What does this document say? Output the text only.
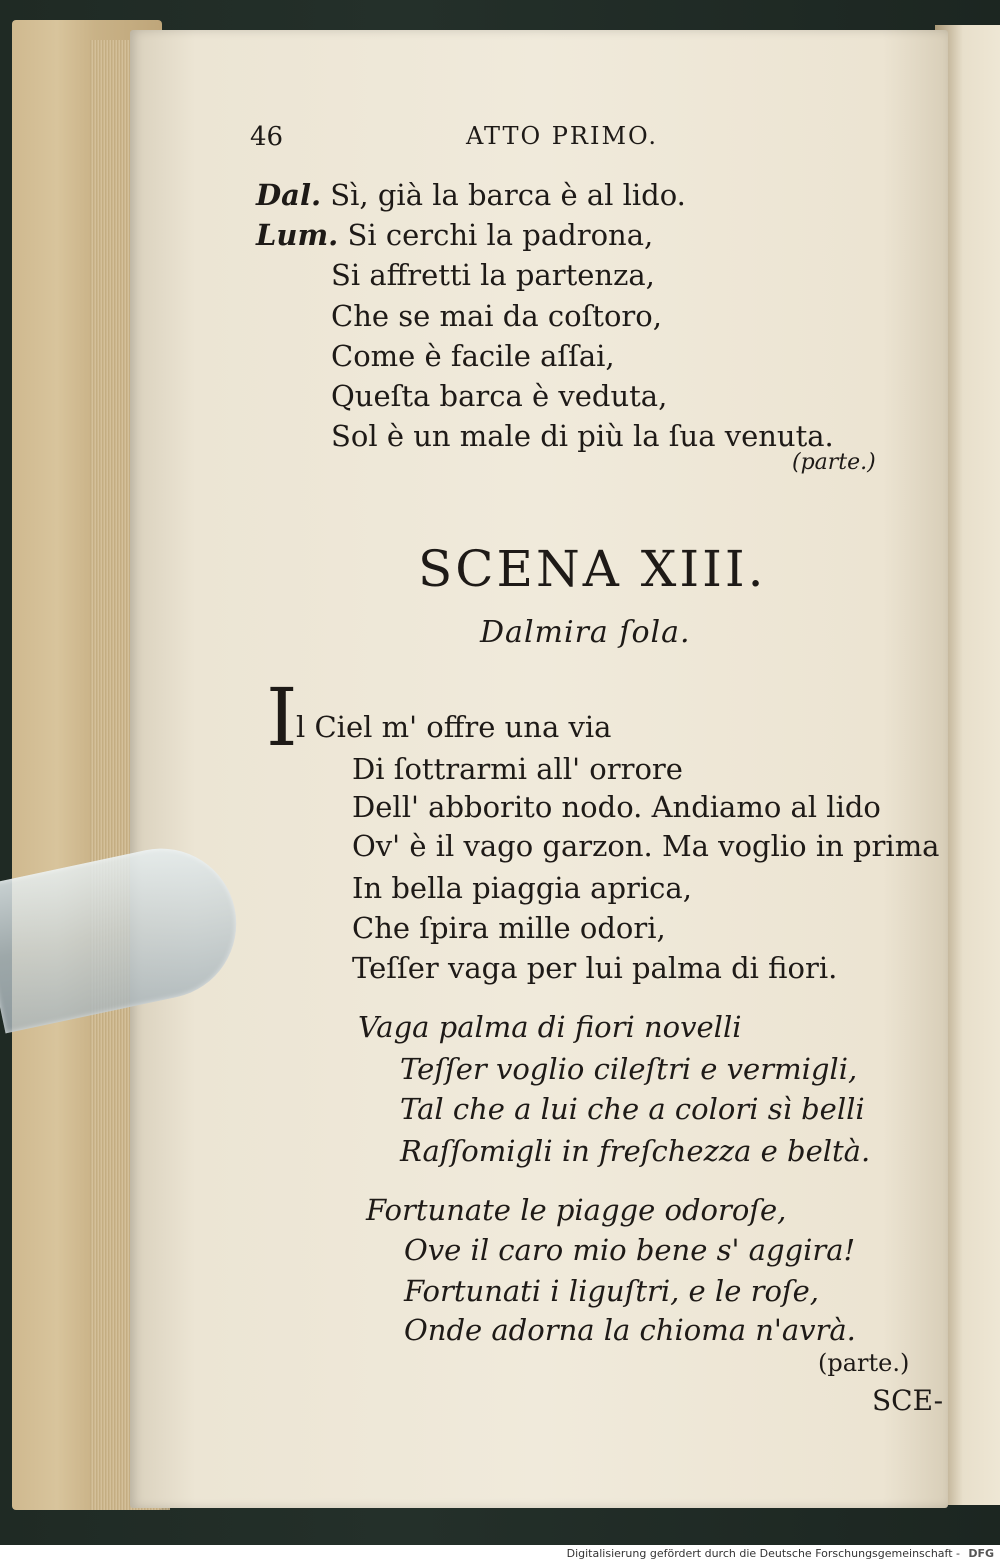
46	ATTO PRIMO.
Dal. Sì, già la barca è al lido.
Lum. Si cerchi la padrona,
Si affretti la partenza,
Che se mai da coſtoro,
Come è facile aſſai,
Queſta barca è veduta,
Sol è un male di più la ſua venuta.
(parte.)
SCENA XIII.
Dalmira ſola.
I
l Ciel m' offre una via
Di ſottrarmi all' orrore
Dell' abborito nodo. Andiamo al lido
Ov' è il vago garzon. Ma voglio in prima
In bella piaggia aprica,
Che ſpira mille odori,
Teſſer vaga per lui palma di fiori.
Vaga palma di fiori novelli
Teſſer voglio cileſtri e vermigli,
Tal che a lui che a colori sì belli
Raſſomigli in freſchezza e beltà.
Fortunate le piagge odoroſe,
Ove il caro mio bene s' aggira!
Fortunati i liguſtri, e le roſe,
Onde adorna la chioma n'avrà.
(parte.)
SCE-
Digitalisierung gefördert durch die Deutsche Forschungsgemeinschaft - DFG
